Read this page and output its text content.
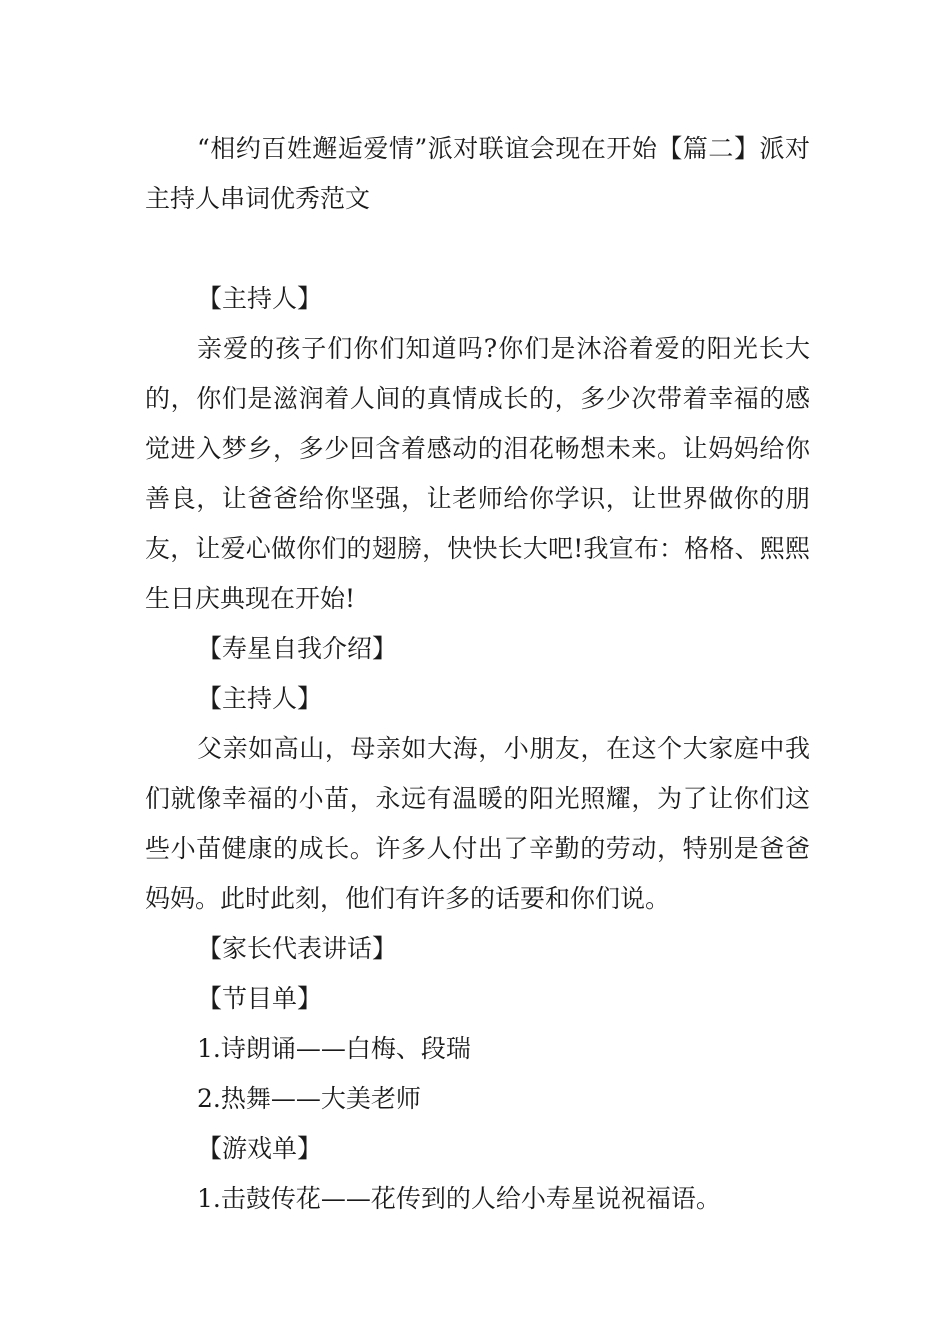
“相约百姓邂逅爱情”派对联谊会现在开始【篇二】派对主持人串词优秀范文

【主持人】

亲爱的孩子们你们知道吗?你们是沐浴着爱的阳光长大的，你们是滋润着人间的真情成长的，多少次带着幸福的感觉进入梦乡，多少回含着感动的泪花畅想未来。让妈妈给你善良，让爸爸给你坚强，让老师给你学识，让世界做你的朋友，让爱心做你们的翅膀，快快长大吧!我宣布：格格、熙熙生日庆典现在开始!

【寿星自我介绍】

【主持人】

父亲如高山，母亲如大海，小朋友，在这个大家庭中我们就像幸福的小苗，永远有温暖的阳光照耀，为了让你们这些小苗健康的成长。许多人付出了辛勤的劳动，特别是爸爸妈妈。此时此刻，他们有许多的话要和你们说。

【家长代表讲话】

【节目单】

1.诗朗诵——白梅、段瑞

2.热舞——大美老师

【游戏单】

1.击鼓传花——花传到的人给小寿星说祝福语。
